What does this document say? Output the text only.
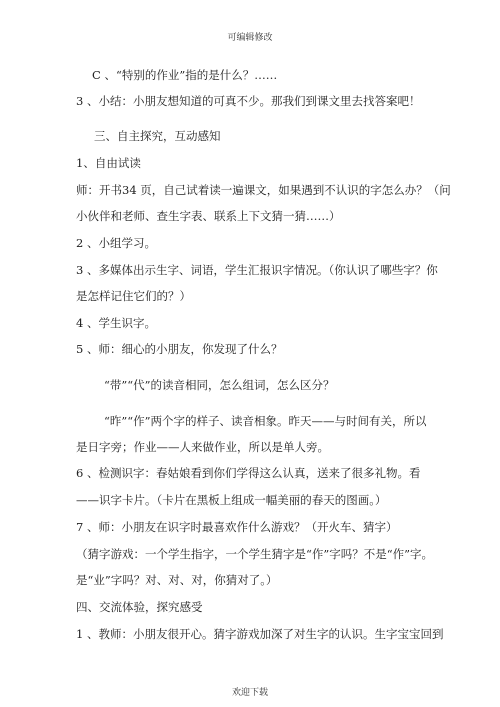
可编辑修改
C 、“特别的作业”指的是什么？……
3 、小结：小朋友想知道的可真不少。那我们到课文里去找答案吧！
三、自主探究，互动感知
1、自由试读
师：开书34 页，自己试着读一遍课文，如果遇到不认识的字怎么办？（问
小伙伴和老师、查生字表、联系上下文猜一猜……）
2 、小组学习。
3 、多媒体出示生字、词语，学生汇报识字情况。（你认识了哪些字？你
是怎样记住它们的？）
4 、学生识字。
5 、师：细心的小朋友，你发现了什么？
“带”“代”的读音相同，怎么组词，怎么区分？
“昨”“作”两个字的样子、读音相象。昨天——与时间有关，所以
是日字旁；作业——人来做作业，所以是单人旁。
6 、检测识字：春姑娘看到你们学得这么认真，送来了很多礼物。看
——识字卡片。（卡片在黑板上组成一幅美丽的春天的图画。）
7 、师：小朋友在识字时最喜欢作什么游戏？（开火车、猜字）
（猜字游戏：一个学生指字，一个学生猜字是“作”字吗？不是“作”字。
是“业”字吗？对、对、对，你猜对了。）
四、交流体验，探究感受
1 、教师：小朋友很开心。猜字游戏加深了对生字的认识。生字宝宝回到
欢迎下载
